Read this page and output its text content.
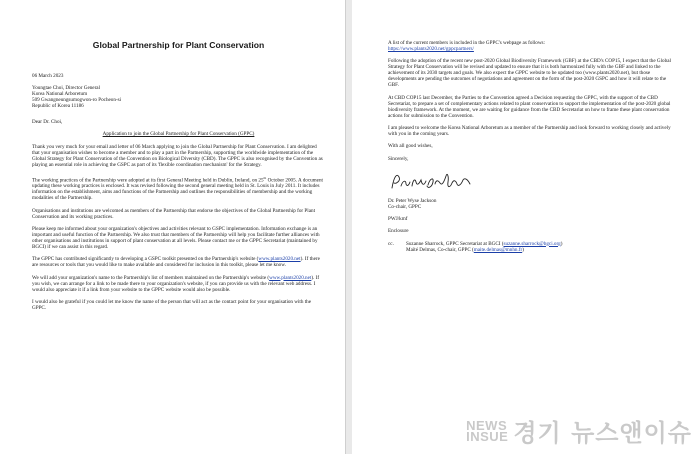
Global Partnership for Plant Conservation
06 March 2023
Youngtae Choi, Director General
Korea National Arboretum
509 Gwangneungsumogwon-ro Pocheon-si
Republic of Korea 11186
Dear Dr. Choi,
Application to join the Global Partnership for Plant Conservation (GPPC)
Thank you very much for your email and letter of 06 March applying to join the Global Partnership for Plant Conservation. I am delighted that your organisation wishes to become a member and to play a part in the Partnership, supporting the worldwide implementation of the Global Strategy for Plant Conservation of the Convention on Biological Diversity (CBD). The GPPC is also recognised by the Convention as playing an essential role in achieving the GSPC as part of its 'flexible coordination mechanism' for the Strategy.
The working practices of the Partnership were adopted at its first General Meeting held in Dublin, Ireland, on 25th October 2005. A document updating these working practices is enclosed. It was revised following the second general meeting held in St. Louis in July 2011. It includes information on the establishment, aims and functions of the Partnership and outlines the responsibilities of membership and the working modalities of the Partnership.
Organisations and institutions are welcomed as members of the Partnership that endorse the objectives of the Global Partnership for Plant Conservation and its working practices.
Please keep me informed about your organization's objectives and activities relevant to GSPC implementation. Information exchange is an important and useful function of the Partnership. We also trust that members of the Partnership will help you facilitate further alliances with other organisations and institutions in support of plant conservation at all levels. Please contact me or the GPPC Secretariat (maintained by BGCI) if we can assist in this regard.
The GPPC has contributed significantly to developing a GSPC toolkit presented on the Partnership's website (www.plants2020.net). If there are resources or tools that you would like to make available and considered for inclusion in this toolkit, please let me know.
We will add your organization's name to the Partnership's list of members maintained on the Partnership's website (www.plants2020.net). If you wish, we can arrange for a link to be made there to your organization's website, if you can provide us with the relevant web address. I would also appreciate it if a link from your website to the GPPC website would also be possible.
I would also be grateful if you could let me know the name of the person that will act as the contact point for your organisation with the GPPC.
A list of the current members is included in the GPPC's webpage as follows:
https://www.plants2020.net/gppcpartners/
Following the adoption of the recent new post-2020 Global Biodiversity Framework (GBF) at the CBD's COP15, I expect that the Global Strategy for Plant Conservation will be revised and updated to ensure that it is both harmonized fully with the GBF and linked to the achievement of its 2030 targets and goals. We also expect the GPPC website to be updated too (www.plants2020.net), but those developments are pending the outcomes of negotiations and agreement on the form of the post-2020 GSPC and how it will relate to the GBF.
At CBD COP15 last December, the Parties to the Convention agreed a Decision requesting the GPPC, with the support of the CBD Secretariat, to prepare a set of complementary actions related to plant conservation to support the implementation of the post-2020 global biodiversity framework. At the moment, we are waiting for guidance from the CBD Secretariat on how to frame these plant conservation actions for submission to the Convention.
I am pleased to welcome the Korea National Arboretum as a member of the Partnership and look forward to working closely and actively with you in the coming years.
With all good wishes,
Sincerely,
Dr. Peter Wyse Jackson
Co-chair, GPPC
PWJ/kmf
Enclosure
cc.	Suzanne Sharrock, GPPC Secretariat at BGCI (suzanne.sharrock@bgci.org)
Maïté Delmas, Co-chair, GPPC (maite.delmas@mnhn.fr)
NEWS
INSUE 경기 뉴스앤이슈
